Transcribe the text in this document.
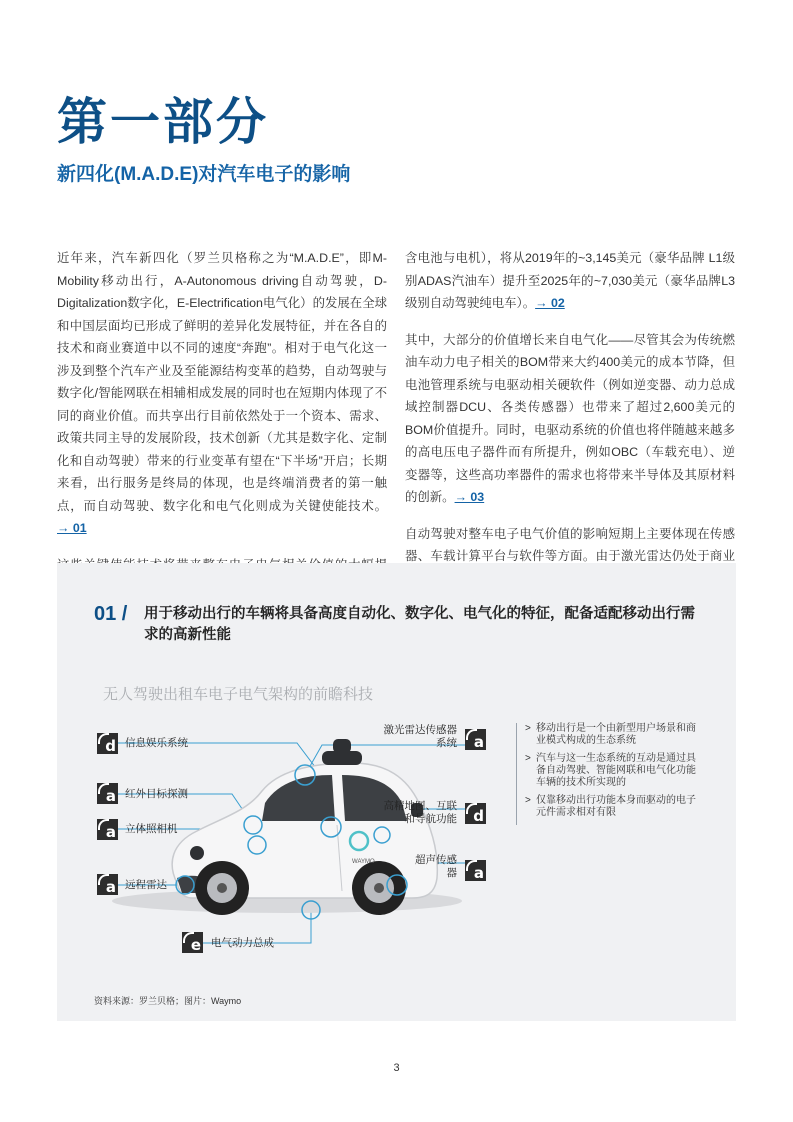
第一部分
新四化(M.A.D.E)对汽车电子的影响

近年来，汽车新四化（罗兰贝格称之为“M.A.D.E”，即M-Mobility移动出行，A-Autonomous driving自动驾驶，D-Digitalization数字化，E-Electrification电气化）的发展在全球和中国层面均已形成了鲜明的差异化发展特征，并在各自的技术和商业赛道中以不同的速度“奔跑”。相对于电气化这一涉及到整个汽车产业及至能源结构变革的趋势，自动驾驶与数字化/智能网联在相辅相成发展的同时也在短期内体现了不同的商业价值。而共享出行目前依然处于一个资本、需求、政策共同主导的发展阶段，技术创新（尤其是数字化、定制化和自动驾驶）带来的行业变革有望在“下半场”开启；长期来看，出行服务是终局的体现，也是终端消费者的第一触点，而自动驾驶、数字化和电气化则成为关键使能技术。→ 01

含电池与电机），将从2019年的~3,145美元（豪华品牌 L1级别ADAS汽油车）提升至2025年的~7,030美元（豪华品牌L3级别自动驾驶纯电车）。→ 02

其中，大部分的价值增长来自电气化——尽管其会为传统燃油车动力电子相关的BOM带来大约400美元的成本节降，但电池管理系统与电驱动相关硬软件（例如逆变器、动力总成域控制器DCU、各类传感器）也带来了超过2,600美元的BOM价值提升。同时，电驱动系统的价值也将伴随越来越多的高电压电子器件而有所提升，例如OBC（车载充电）、逆变器等，这些高功率器件的需求也将带来半导体及其原材料的创新。→ 03

自动驾驶对整车电子电气价值的影响短期上主要体现在传感器、车载计算平台与软件等方面。由于激光雷达仍处于商业

01 / 用于移动出行的车辆将具备高度自动化、数字化、电气化的特征，配备适配移动出行需求的高新性能
无人驾驶出租车电子电气架构的前瞻科技
WAYMO
d 信息娱乐系统
a 红外目标探测
a 立体照相机
a 远程雷达
e 电气动力总成
激光雷达传感器系统 a
高精地图、互联和导航功能 d
超声传感器 a
> 移动出行是一个由新型用户场景和商业模式构成的生态系统
> 汽车与这一生态系统的互动是通过具备自动驾驶、智能网联和电气化功能车辆的技术所实现的
> 仅靠移动出行功能本身而驱动的电子元件需求相对有限
资料来源：罗兰贝格；图片：Waymo
3
